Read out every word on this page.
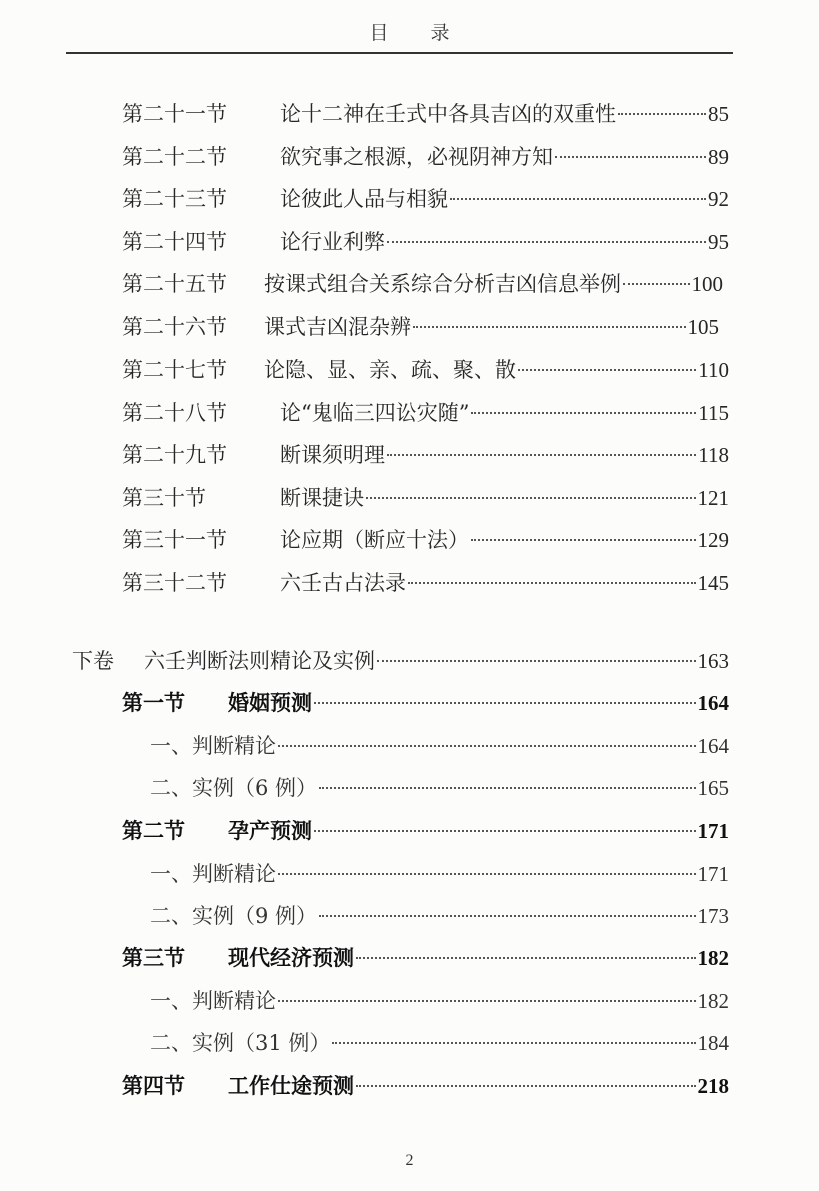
目 录
第二十一节	论十二神在壬式中各具吉凶的双重性	85
第二十二节	欲究事之根源，必视阴神方知	89
第二十三节	论彼此人品与相貌	92
第二十四节	论行业利弊	95
第二十五节	按课式组合关系综合分析吉凶信息举例	100
第二十六节	课式吉凶混杂辨	105
第二十七节	论隐、显、亲、疏、聚、散	110
第二十八节	论“鬼临三四讼灾随”	115
第二十九节	断课须明理	118
第三十节	断课捷诀	121
第三十一节	论应期（断应十法）	129
第三十二节	六壬古占法录	145
下卷	六壬判断法则精论及实例	163
第一节	婚姻预测	164
一、判断精论	164
二、实例（6 例）	165
第二节	孕产预测	171
一、判断精论	171
二、实例（9 例）	173
第三节	现代经济预测	182
一、判断精论	182
二、实例（31 例）	184
第四节	工作仕途预测	218
2
